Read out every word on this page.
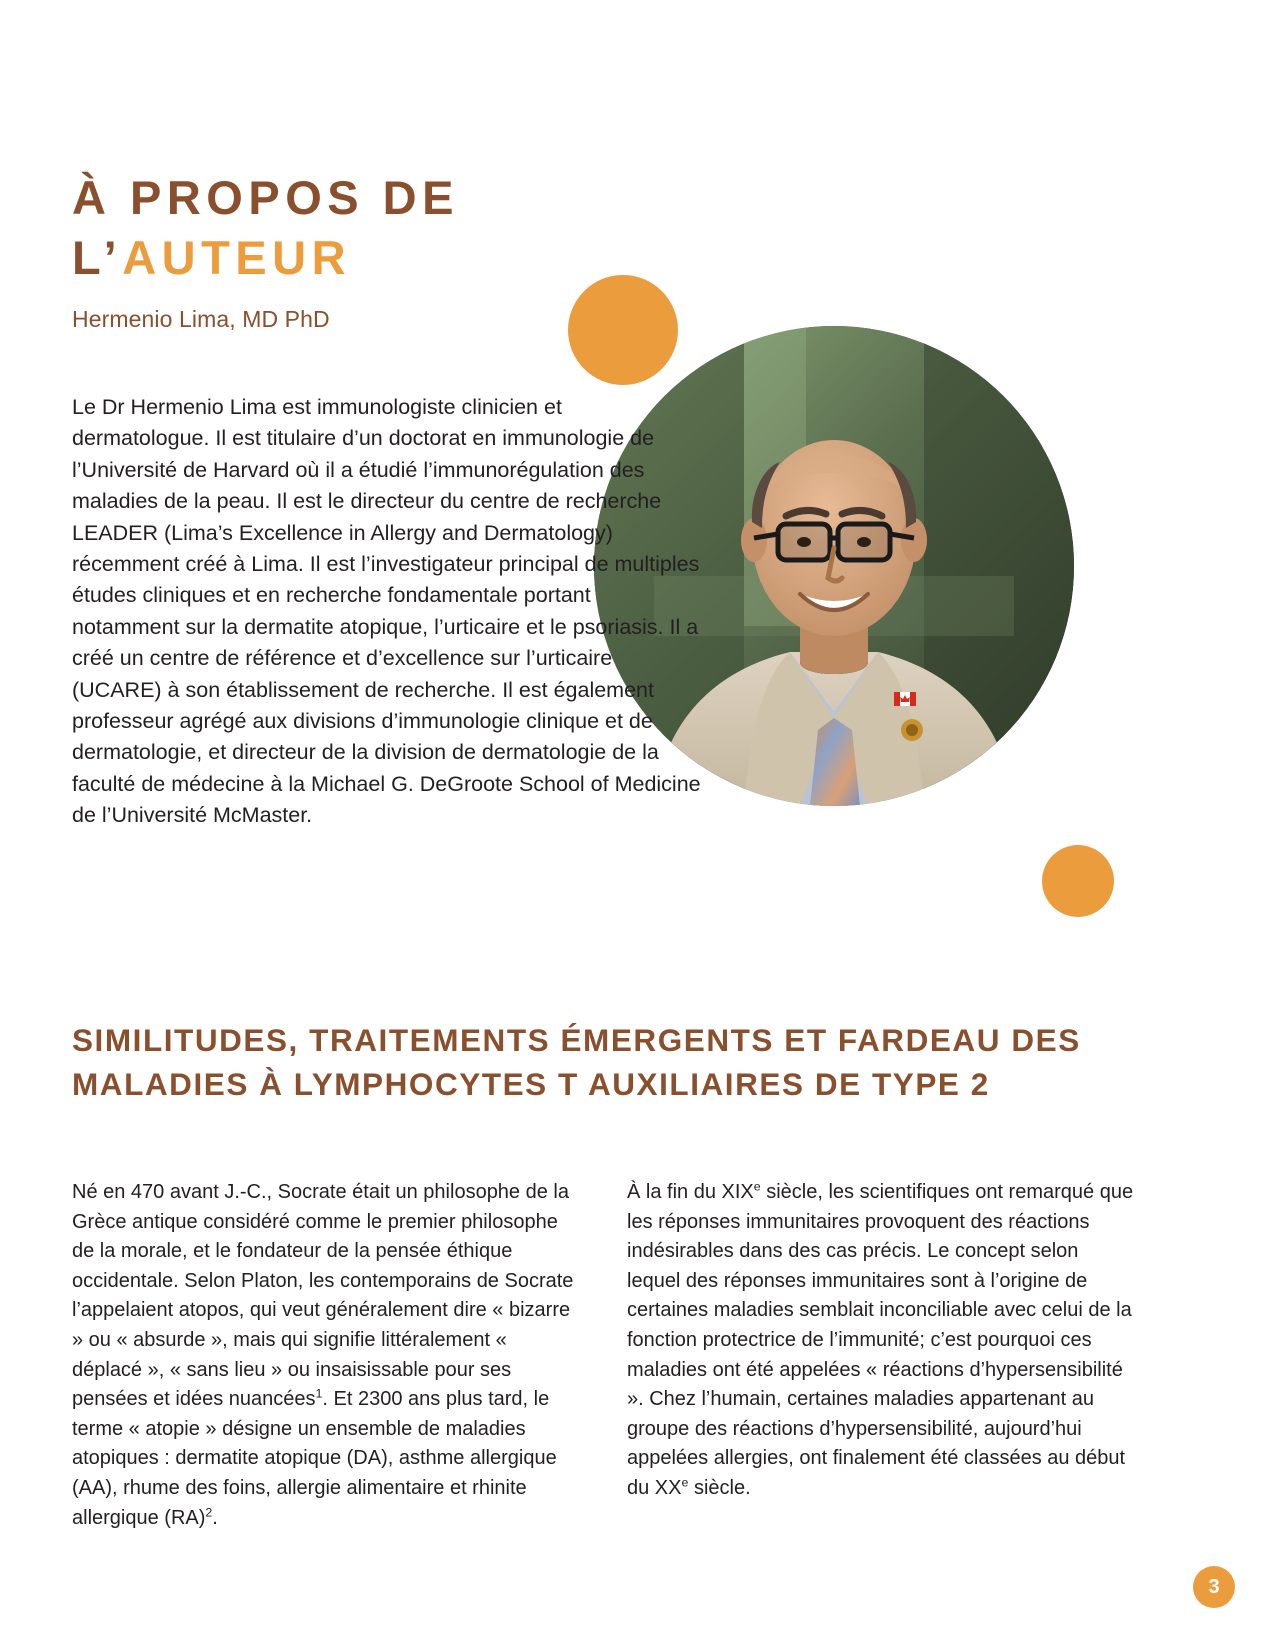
À PROPOS DE
L’AUTEUR

Hermenio Lima, MD PhD

Le Dr Hermenio Lima est immunologiste clinicien et dermatologue. Il est titulaire d’un doctorat en immunologie de l’Université de Harvard où il a étudié l’immunorégulation des maladies de la peau. Il est le directeur du centre de recherche LEADER (Lima’s Excellence in Allergy and Dermatology) récemment créé à Lima. Il est l’investigateur principal de multiples études cliniques et en recherche fondamentale portant notamment sur la dermatite atopique, l’urticaire et le psoriasis. Il a créé un centre de référence et d’excellence sur l’urticaire (UCARE) à son établissement de recherche. Il est également professeur agrégé aux divisions d’immunologie clinique et de dermatologie, et directeur de la division de dermatologie de la faculté de médecine à la Michael G. DeGroote School of Medicine de l’Université McMaster.

SIMILITUDES, TRAITEMENTS ÉMERGENTS ET FARDEAU DES MALADIES À LYMPHOCYTES T AUXILIAIRES DE TYPE 2

Né en 470 avant J.-C., Socrate était un philosophe de la Grèce antique considéré comme le premier philosophe de la morale, et le fondateur de la pensée éthique occidentale. Selon Platon, les contemporains de Socrate l’appelaient atopos, qui veut généralement dire « bizarre » ou « absurde », mais qui signifie littéralement « déplacé », « sans lieu » ou insaisissable pour ses pensées et idées nuancées$^1$. Et 2300 ans plus tard, le terme « atopie » désigne un ensemble de maladies atopiques : dermatite atopique (DA), asthme allergique (AA), rhume des foins, allergie alimentaire et rhinite allergique (RA)$^2$.

À la fin du XIXe siècle, les scientifiques ont remarqué que les réponses immunitaires provoquent des réactions indésirables dans des cas précis. Le concept selon lequel des réponses immunitaires sont à l’origine de certaines maladies semblait inconciliable avec celui de la fonction protectrice de l’immunité; c’est pourquoi ces maladies ont été appelées « réactions d’hypersensibilité ». Chez l’humain, certaines maladies appartenant au groupe des réactions d’hypersensibilité, aujourd’hui appelées allergies, ont finalement été classées au début du XXe siècle.

3
